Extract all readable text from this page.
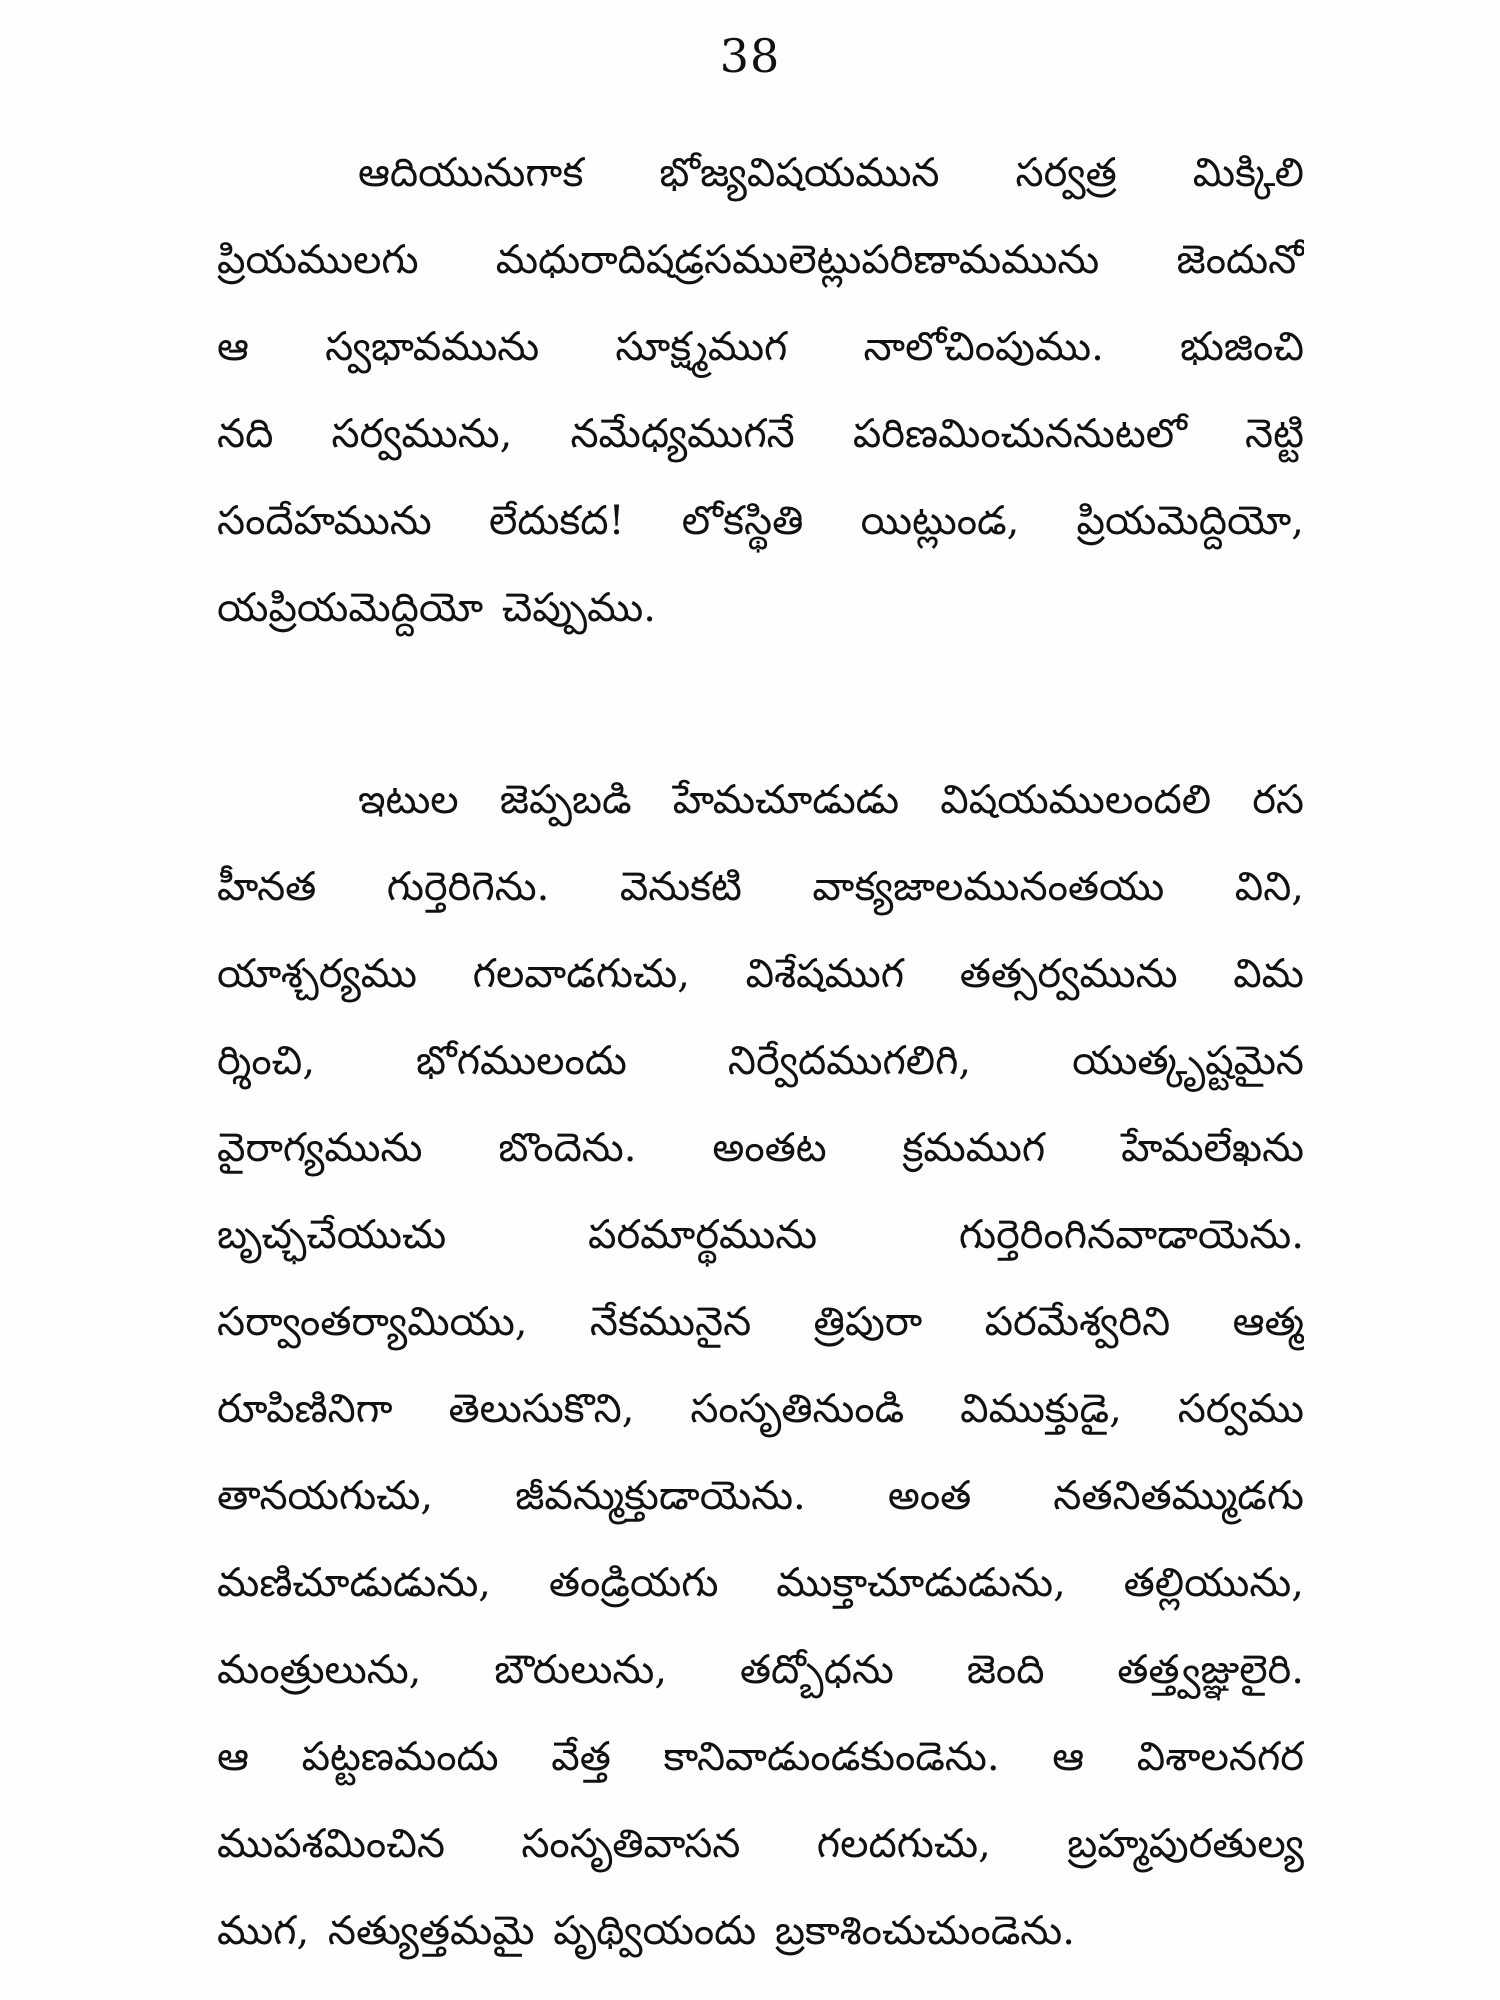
38
ఆదియునుగాక భోజ్యవిషయమున సర్వత్ర మిక్కిలి
ప్రియములగు మధురాదిషడ్రసములెట్లుపరిణామమును జెందునో
ఆ స్వభావమును సూక్ష్మముగ నాలోచింపుము. భుజించి
నది సర్వమును, నమేధ్యముగనే పరిణమించుననుటలో నెట్టి
సందేహమును లేదుకద! లోకస్థితి యిట్లుండ, ప్రియమెద్దియో,
యప్రియమెద్దియో చెప్పుము.
ఇటుల జెప్పబడి హేమచూడుడు విషయములందలి రస
హీనత గుర్తెరిగెను. వెనుకటి వాక్యజాలమునంతయు విని,
యాశ్చర్యము గలవాడగుచు, విశేషముగ తత్సర్వమును విమ
ర్శించి, భోగములందు నిర్వేదముగలిగి, యుత్కృష్టమైన
వైరాగ్యమును బొందెను. అంతట క్రమముగ హేమలేఖను
బృచ్ఛచేయుచు పరమార్థమును గుర్తెరింగినవాడాయెను.
సర్వాంతర్యామియు, నేకమునైన త్రిపురా పరమేశ్వరిని ఆత్మ
రూపిణినిగా తెలుసుకొని, సంసృతినుండి విముక్తుడై, సర్వము
తానయగుచు, జీవన్ముక్తుడాయెను. అంత నతనితమ్ముడగు
మణిచూడుడును, తండ్రియగు ముక్తాచూడుడును, తల్లియును,
మంత్రులును, బౌరులును, తద్బోధను జెంది తత్త్వజ్ఞులైరి.
ఆ పట్టణమందు వేత్త కానివాడుండకుండెను. ఆ విశాలనగర
ముపశమించిన సంసృతివాసన గలదగుచు, బ్రహ్మపురతుల్య
ముగ, నత్యుత్తమమై పృథ్వియందు బ్రకాశించుచుండెను.
